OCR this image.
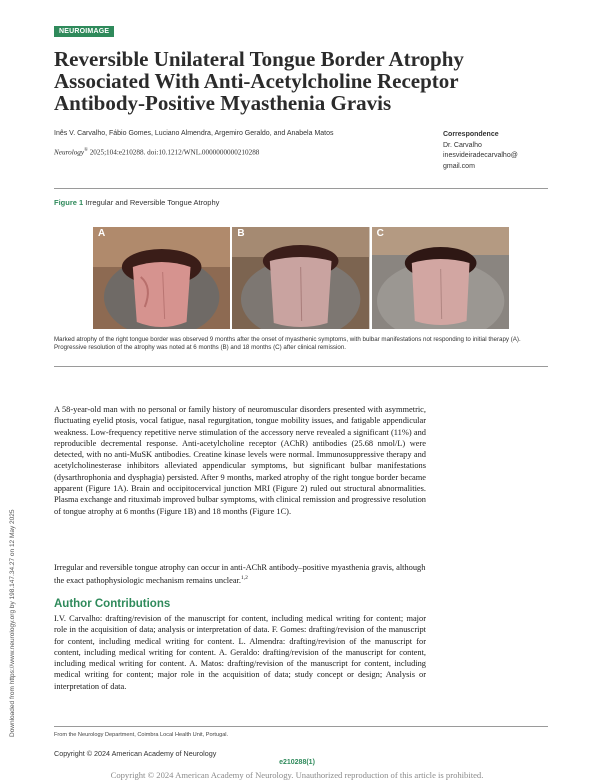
NEUROIMAGE
Reversible Unilateral Tongue Border Atrophy Associated With Anti-Acetylcholine Receptor Antibody-Positive Myasthenia Gravis
Inês V. Carvalho, Fábio Gomes, Luciano Almendra, Argemiro Geraldo, and Anabela Matos
Neurology® 2025;104:e210288. doi:10.1212/WNL.0000000000210288
Correspondence
Dr. Carvalho
inesvideiradecarvalho@
gmail.com
Figure 1 Irregular and Reversible Tongue Atrophy
A	B	C

Marked atrophy of the right tongue border was observed 9 months after the onset of myasthenic symptoms, with bulbar manifestations not responding to initial therapy (A). Progressive resolution of the atrophy was noted at 6 months (B) and 18 months (C) after clinical remission.

A 58-year-old man with no personal or family history of neuromuscular disorders presented with asymmetric, fluctuating eyelid ptosis, vocal fatigue, nasal regurgitation, tongue mobility issues, and fatigable appendicular weakness. Low-frequency repetitive nerve stimulation of the accessory nerve revealed a significant (11%) and reproducible decremental response. Anti-acetylcholine receptor (AChR) antibodies (25.68 nmol/L) were detected, with no anti-MuSK antibodies. Creatine kinase levels were normal. Immunosuppressive therapy and acetylcholinesterase inhibitors alleviated appendicular symptoms, but significant bulbar manifestations (dysarthrophonia and dysphagia) persisted. After 9 months, marked atrophy of the right tongue border became apparent (Figure 1A). Brain and occipitocervical junction MRI (Figure 2) ruled out structural abnormalities. Plasma exchange and rituximab improved bulbar symptoms, with clinical remission and progressive resolution of tongue atrophy at 6 months (Figure 1B) and 18 months (Figure 1C).

Irregular and reversible tongue atrophy can occur in anti-AChR antibody–positive myasthenia gravis, although the exact pathophysiologic mechanism remains unclear.$^{1,2}$

Author Contributions

I.V. Carvalho: drafting/revision of the manuscript for content, including medical writing for content; major role in the acquisition of data; analysis or interpretation of data. F. Gomes: drafting/revision of the manuscript for content, including medical writing for content. L. Almendra: drafting/revision of the manuscript for content, including medical writing for content. A. Geraldo: drafting/revision of the manuscript for content, including medical writing for content. A. Matos: drafting/revision of the manuscript for content, including medical writing for content; major role in the acquisition of data; study concept or design; Analysis or interpretation of data.

From the Neurology Department, Coimbra Local Health Unit, Portugal.
Copyright © 2024 American Academy of Neurology
e210288(1)
Copyright © 2024 American Academy of Neurology. Unauthorized reproduction of this article is prohibited.
Downloaded from https://www.neurology.org by 198.147.34.27 on 12 May 2025
